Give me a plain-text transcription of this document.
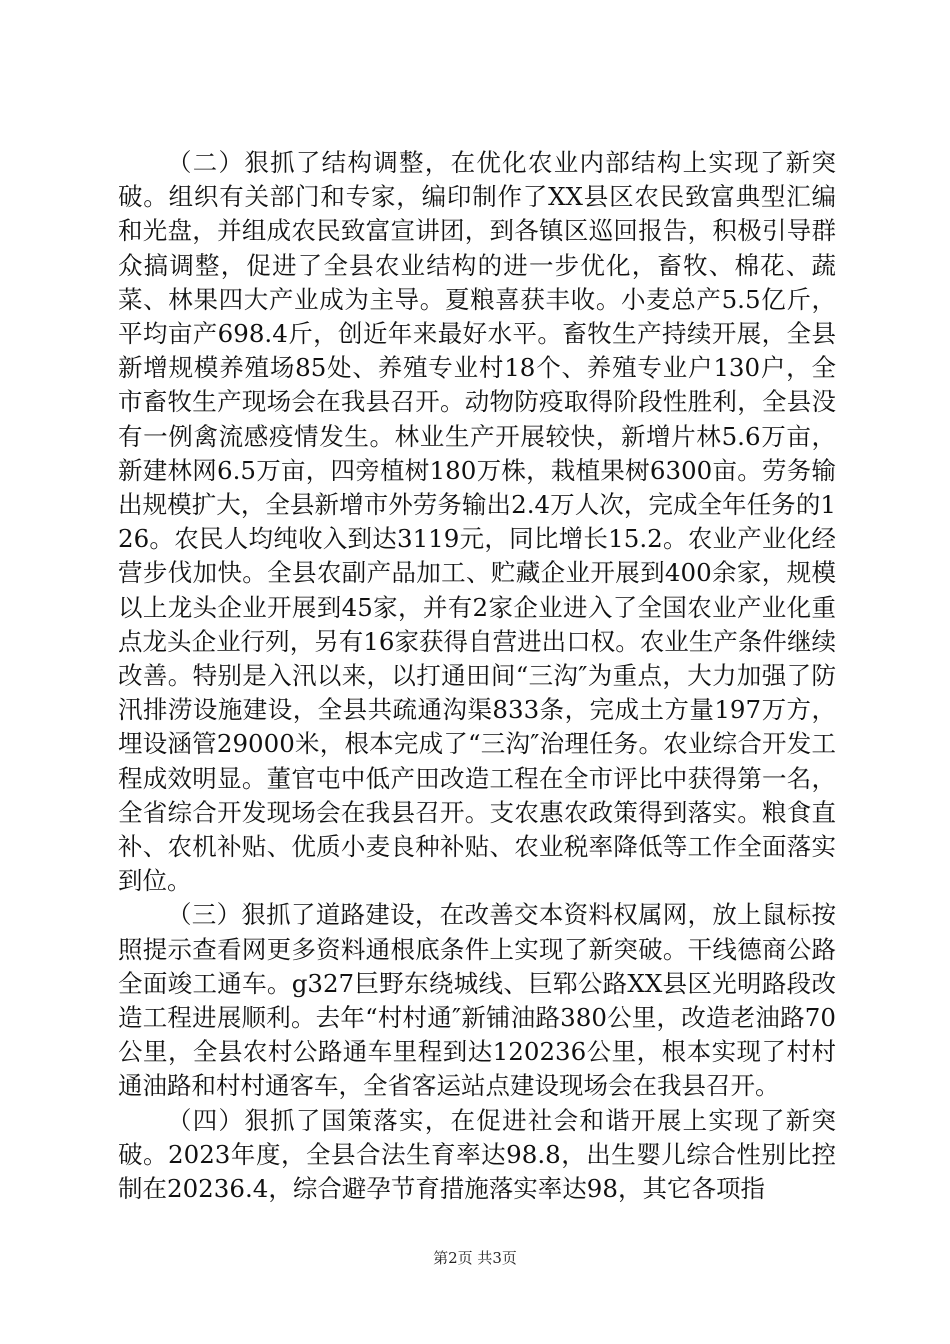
（二）狠抓了结构调整，在优化农业内部结构上实现了新突破。组织有关部门和专家，编印制作了XX县区农民致富典型汇编和光盘，并组成农民致富宣讲团，到各镇区巡回报告，积极引导群众搞调整，促进了全县农业结构的进一步优化，畜牧、棉花、蔬菜、林果四大产业成为主导。夏粮喜获丰收。小麦总产5.5亿斤，平均亩产698.4斤，创近年来最好水平。畜牧生产持续开展，全县新增规模养殖场85处、养殖专业村18个、养殖专业户130户，全市畜牧生产现场会在我县召开。动物防疫取得阶段性胜利，全县没有一例禽流感疫情发生。林业生产开展较快，新增片林5.6万亩，新建林网6.5万亩，四旁植树180万株，栽植果树6300亩。劳务输出规模扩大，全县新增市外劳务输出2.4万人次，完成全年任务的126。农民人均纯收入到达3119元，同比增长15.2。农业产业化经营步伐加快。全县农副产品加工、贮藏企业开展到400余家，规模以上龙头企业开展到45家，并有2家企业进入了全国农业产业化重点龙头企业行列，另有16家获得自营进出口权。农业生产条件继续改善。特别是入汛以来，以打通田间“三沟″为重点，大力加强了防汛排涝设施建设，全县共疏通沟渠833条，完成土方量197万方，埋设涵管29000米，根本完成了“三沟″治理任务。农业综合开发工程成效明显。董官屯中低产田改造工程在全市评比中获得第一名，全省综合开发现场会在我县召开。支农惠农政策得到落实。粮食直补、农机补贴、优质小麦良种补贴、农业税率降低等工作全面落实到位。

（三）狠抓了道路建设，在改善交本资料权属网，放上鼠标按照提示查看网更多资料通根底条件上实现了新突破。干线德商公路全面竣工通车。g327巨野东绕城线、巨郓公路XX县区光明路段改造工程进展顺利。去年“村村通″新铺油路380公里，改造老油路70公里，全县农村公路通车里程到达120236公里，根本实现了村村通油路和村村通客车，全省客运站点建设现场会在我县召开。

（四）狠抓了国策落实，在促进社会和谐开展上实现了新突破。2023年度，全县合法生育率达98.8，出生婴儿综合性别比控制在20236.4，综合避孕节育措施落实率达98，其它各项指

第2页 共3页
